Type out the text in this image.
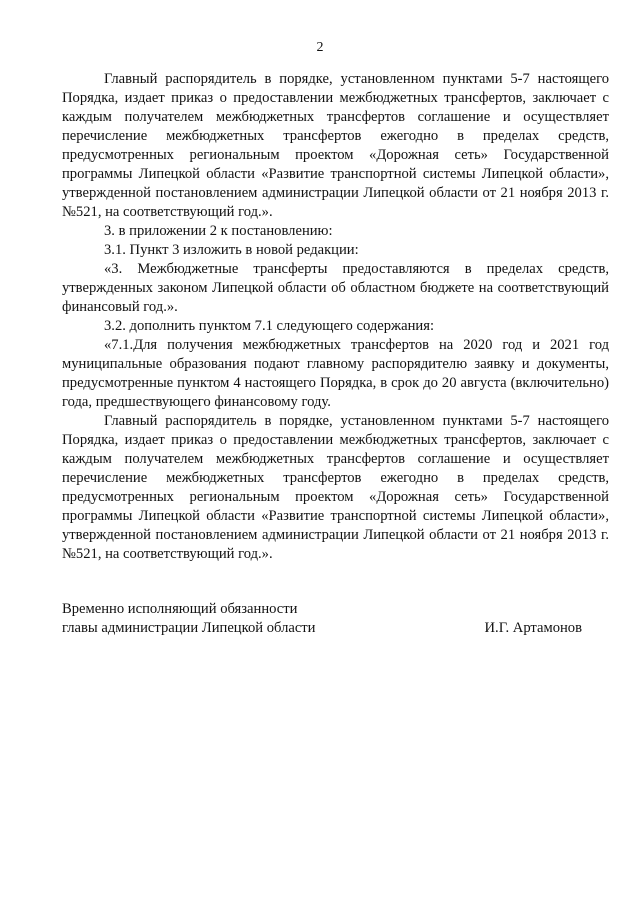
2

Главный распорядитель в порядке, установленном пунктами 5-7 настоящего Порядка, издает приказ о предоставлении межбюджетных трансфертов, заключает с каждым получателем межбюджетных трансфертов соглашение и осуществляет перечисление межбюджетных трансфертов ежегодно в пределах средств, предусмотренных региональным проектом «Дорожная сеть» Государственной программы Липецкой области «Развитие транспортной системы Липецкой области», утвержденной постановлением администрации Липецкой области от 21 ноября 2013 г. №521, на соответствующий год.».

3. в приложении 2 к постановлению:

3.1. Пункт 3 изложить в новой редакции:

«3. Межбюджетные трансферты предоставляются в пределах средств, утвержденных законом Липецкой области об областном бюджете на соответствующий финансовый год.».

3.2. дополнить пунктом 7.1 следующего содержания:

«7.1.Для получения межбюджетных трансфертов на 2020 год и 2021 год муниципальные образования подают главному распорядителю заявку и документы, предусмотренные пунктом 4 настоящего Порядка, в срок до 20 августа (включительно) года, предшествующего финансовому году.

Главный распорядитель в порядке, установленном пунктами 5-7 настоящего Порядка, издает приказ о предоставлении межбюджетных трансфертов, заключает с каждым получателем межбюджетных трансфертов соглашение и осуществляет перечисление межбюджетных трансфертов ежегодно в пределах средств, предусмотренных региональным проектом «Дорожная сеть» Государственной программы Липецкой области «Развитие транспортной системы Липецкой области», утвержденной постановлением администрации Липецкой области от 21 ноября 2013 г. №521, на соответствующий год.».

Временно исполняющий обязанности
главы администрации Липецкой области	И.Г. Артамонов
